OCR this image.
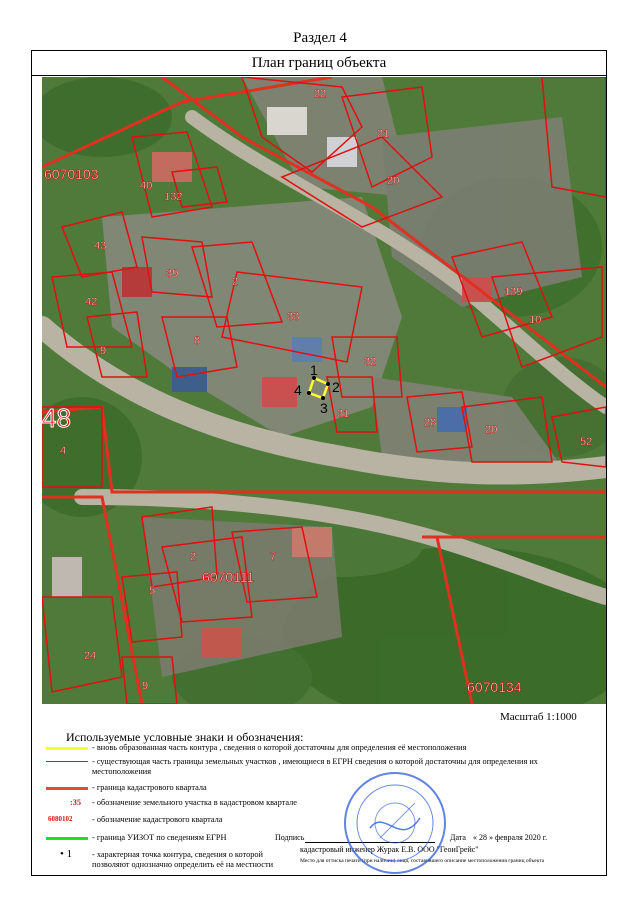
Раздел 4
План границ объекта
1
2
3
4
22
21
20
40
132
43
39
2
42
33
9
8
32
31
139
10
28
20
52
4
2	7
5
24
9
6070103
48
6070111
6070134
Масштаб 1:1000
Используемые условные знаки и обозначения:
- вновь образованная часть контура , сведения о которой достаточны для определения её местоположения
- существующая часть границы земельных участков , имеющиеся в ЕГРН сведения о которой достаточны для определения их местоположения
- граница кадастрового квартала
:35 - обозначение земельного участка в кадастровом квартале
6080102 - обозначение кадастрового квартала
- граница УИЗОТ по сведениям ЕГРН
• 1 - характерная точка контура, сведения о которой позволяют однозначно определить её на местности
Подпись	Дата « 28 » февраля 2020 г.
кадастровый инженер Журак Е.В. ООО "ГеоиГрейс"
Место для оттиска печати (при наличии) лица, составившего описание местоположения границ объекта
